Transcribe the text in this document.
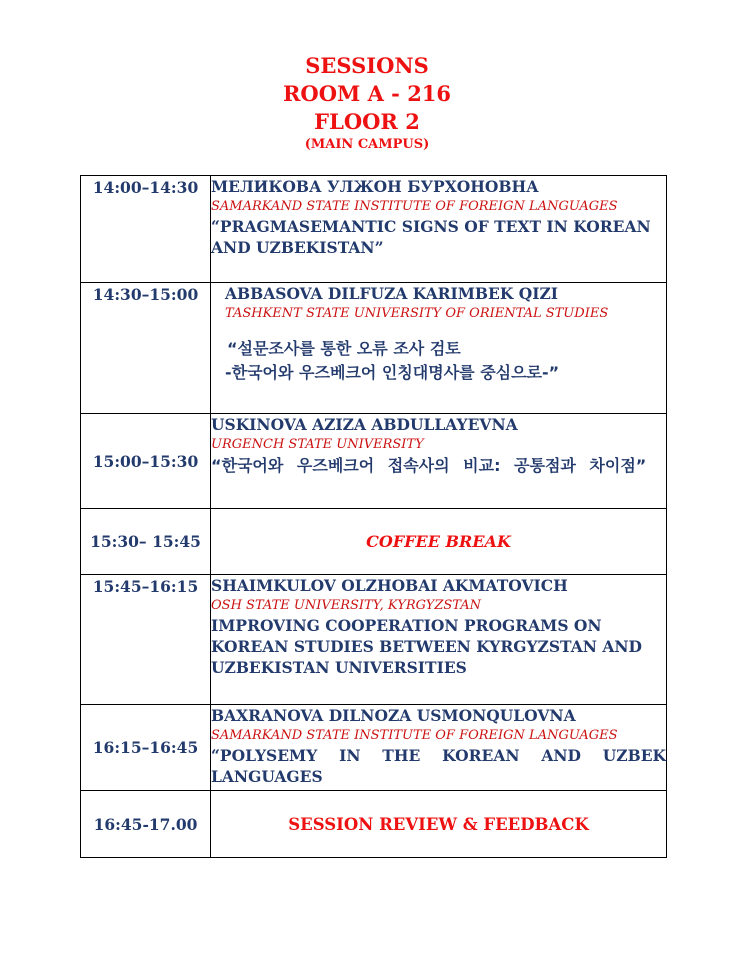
SESSIONS
ROOM A - 216
FLOOR 2
(MAIN CAMPUS)
14:00–14:30	МЕЛИКОВА УЛЖОН БУРХОНОВНА
SAMARKAND STATE INSTITUTE OF FOREIGN LANGUAGES
“PRAGMASEMANTIC SIGNS OF TEXT IN KOREAN AND UZBEKISTAN”

14:30–15:00	ABBASOVA DILFUZA KARIMBEK QIZI
TASHKENT STATE UNIVERSITY OF ORIENTAL STUDIES
“설문조사를 통한 오류 조사 검토
-한국어와 우즈베크어 인칭대명사를 중심으로-”

15:00–15:30	USKINOVA AZIZA ABDULLAYEVNA
URGENCH STATE UNIVERSITY
“한국어와 우즈베크어 접속사의 비교: 공통점과 차이점”

15:30– 15:45	COFFEE BREAK
15:45–16:15	SHAIMKULOV OLZHOBAI AKMATOVICH
OSH STATE UNIVERSITY, KYRGYZSTAN
IMPROVING COOPERATION PROGRAMS ON KOREAN STUDIES BETWEEN KYRGYZSTAN AND UZBEKISTAN UNIVERSITIES

16:15–16:45	BAXRANOVA DILNOZA USMONQULOVNA
SAMARKAND STATE INSTITUTE OF FOREIGN LANGUAGES
“POLYSEMY IN THE KOREAN AND UZBEK LANGUAGES

16:45-17.00	SESSION REVIEW & FEEDBACK
